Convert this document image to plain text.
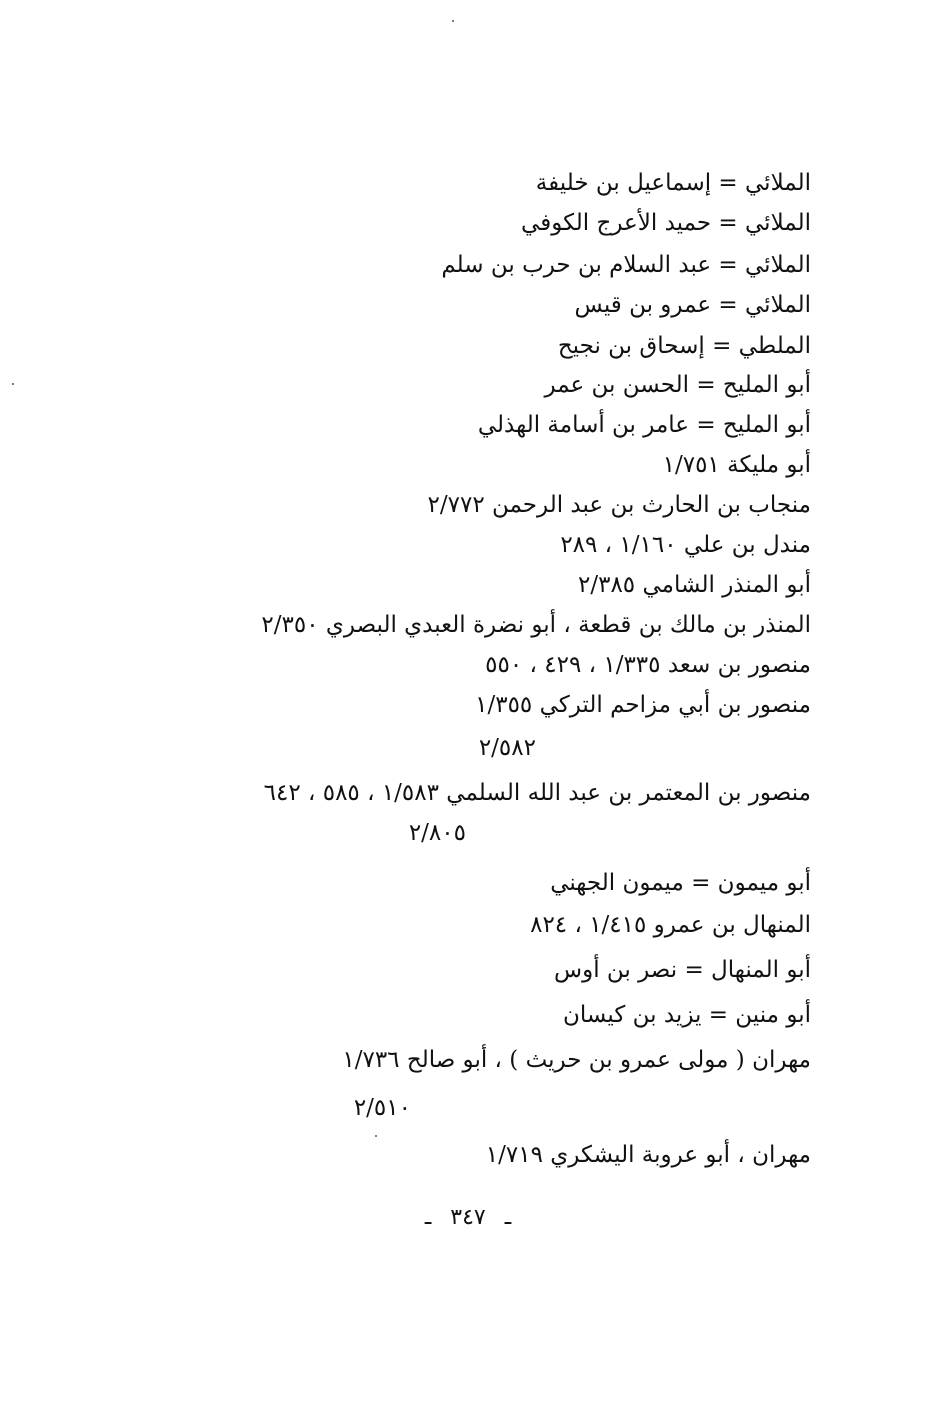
الملائي = إسماعيل بن خليفة
الملائي = حميد الأعرج الكوفي
الملائي = عبد السلام بن حرب بن سلم
الملائي = عمرو بن قيس
الملطي = إسحاق بن نجيح
أبو المليح = الحسن بن عمر
أبو المليح = عامر بن أسامة الهذلي
أبو مليكة ١/٧٥١
منجاب بن الحارث بن عبد الرحمن ٢/٧٧٢
مندل بن علي ١/١٦٠ ، ٢٨٩
أبو المنذر الشامي ٢/٣٨٥
المنذر بن مالك بن قطعة ، أبو نضرة العبدي البصري ٢/٣٥٠
منصور بن سعد ١/٣٣٥ ، ٤٢٩ ، ٥٥٠
منصور بن أبي مزاحم التركي ١/٣٥٥
٢/٥٨٢
منصور بن المعتمر بن عبد الله السلمي ١/٥٨٣ ، ٥٨٥ ، ٦٤٢
٢/٨٠٥
أبو ميمون = ميمون الجهني
المنهال بن عمرو ١/٤١٥ ، ٨٢٤
أبو المنهال = نصر بن أوس
أبو منين = يزيد بن كيسان
مهران ( مولى عمرو بن حريث ) ، أبو صالح ١/٧٣٦
٢/٥١٠
مهران ، أبو عروبة اليشكري ١/٧١٩
ـ ٣٤٧ ـ
